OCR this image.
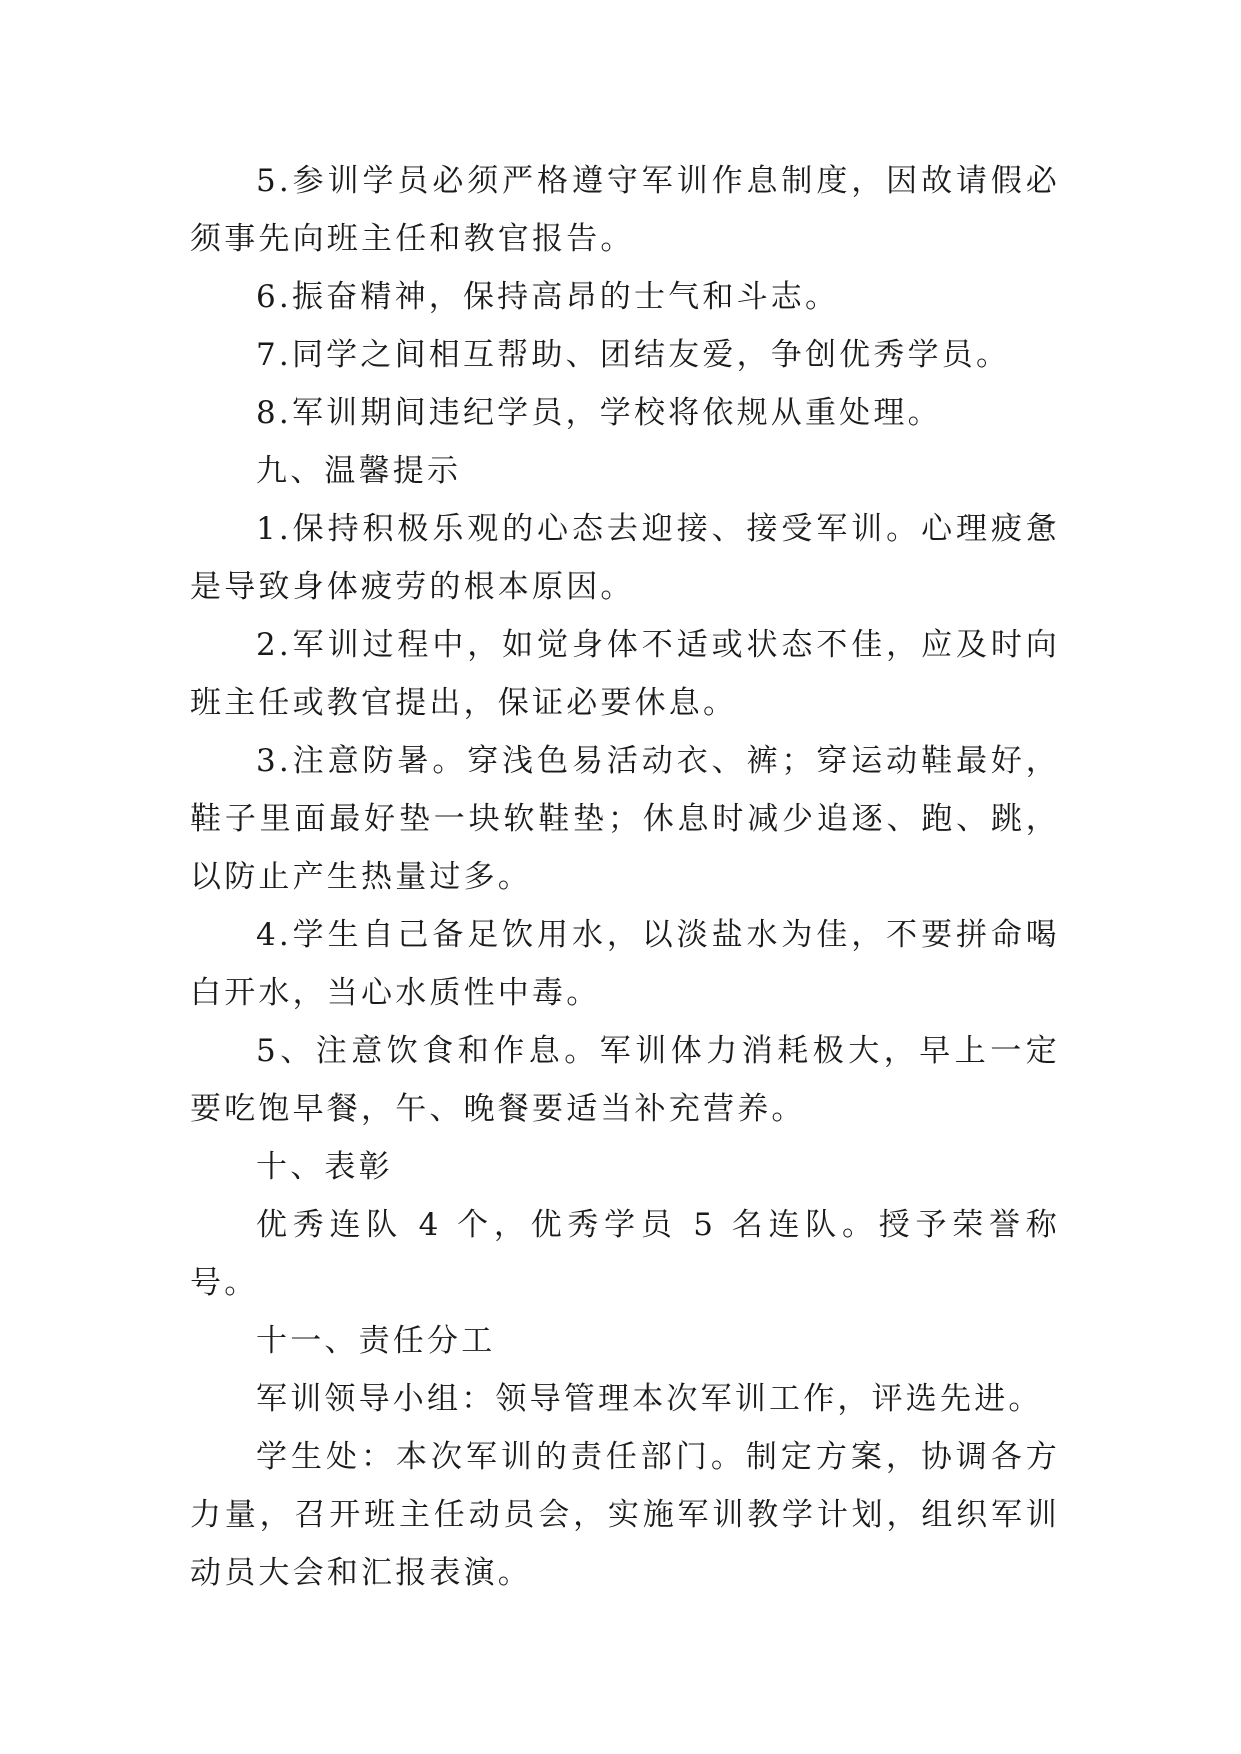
5.参训学员必须严格遵守军训作息制度，因故请假必须事先向班主任和教官报告。

6.振奋精神，保持高昂的士气和斗志。

7.同学之间相互帮助、团结友爱，争创优秀学员。

8.军训期间违纪学员，学校将依规从重处理。

九、温馨提示

1.保持积极乐观的心态去迎接、接受军训。心理疲惫是导致身体疲劳的根本原因。

2.军训过程中，如觉身体不适或状态不佳，应及时向班主任或教官提出，保证必要休息。

3.注意防暑。穿浅色易活动衣、裤；穿运动鞋最好，鞋子里面最好垫一块软鞋垫；休息时减少追逐、跑、跳，以防止产生热量过多。

4.学生自己备足饮用水，以淡盐水为佳，不要拼命喝白开水，当心水质性中毒。

5、注意饮食和作息。军训体力消耗极大，早上一定要吃饱早餐，午、晚餐要适当补充营养。

十、表彰

优秀连队 4 个，优秀学员 5 名连队。授予荣誉称号。

十一、责任分工

军训领导小组：领导管理本次军训工作，评选先进。

学生处：本次军训的责任部门。制定方案，协调各方力量，召开班主任动员会，实施军训教学计划，组织军训动员大会和汇报表演。
